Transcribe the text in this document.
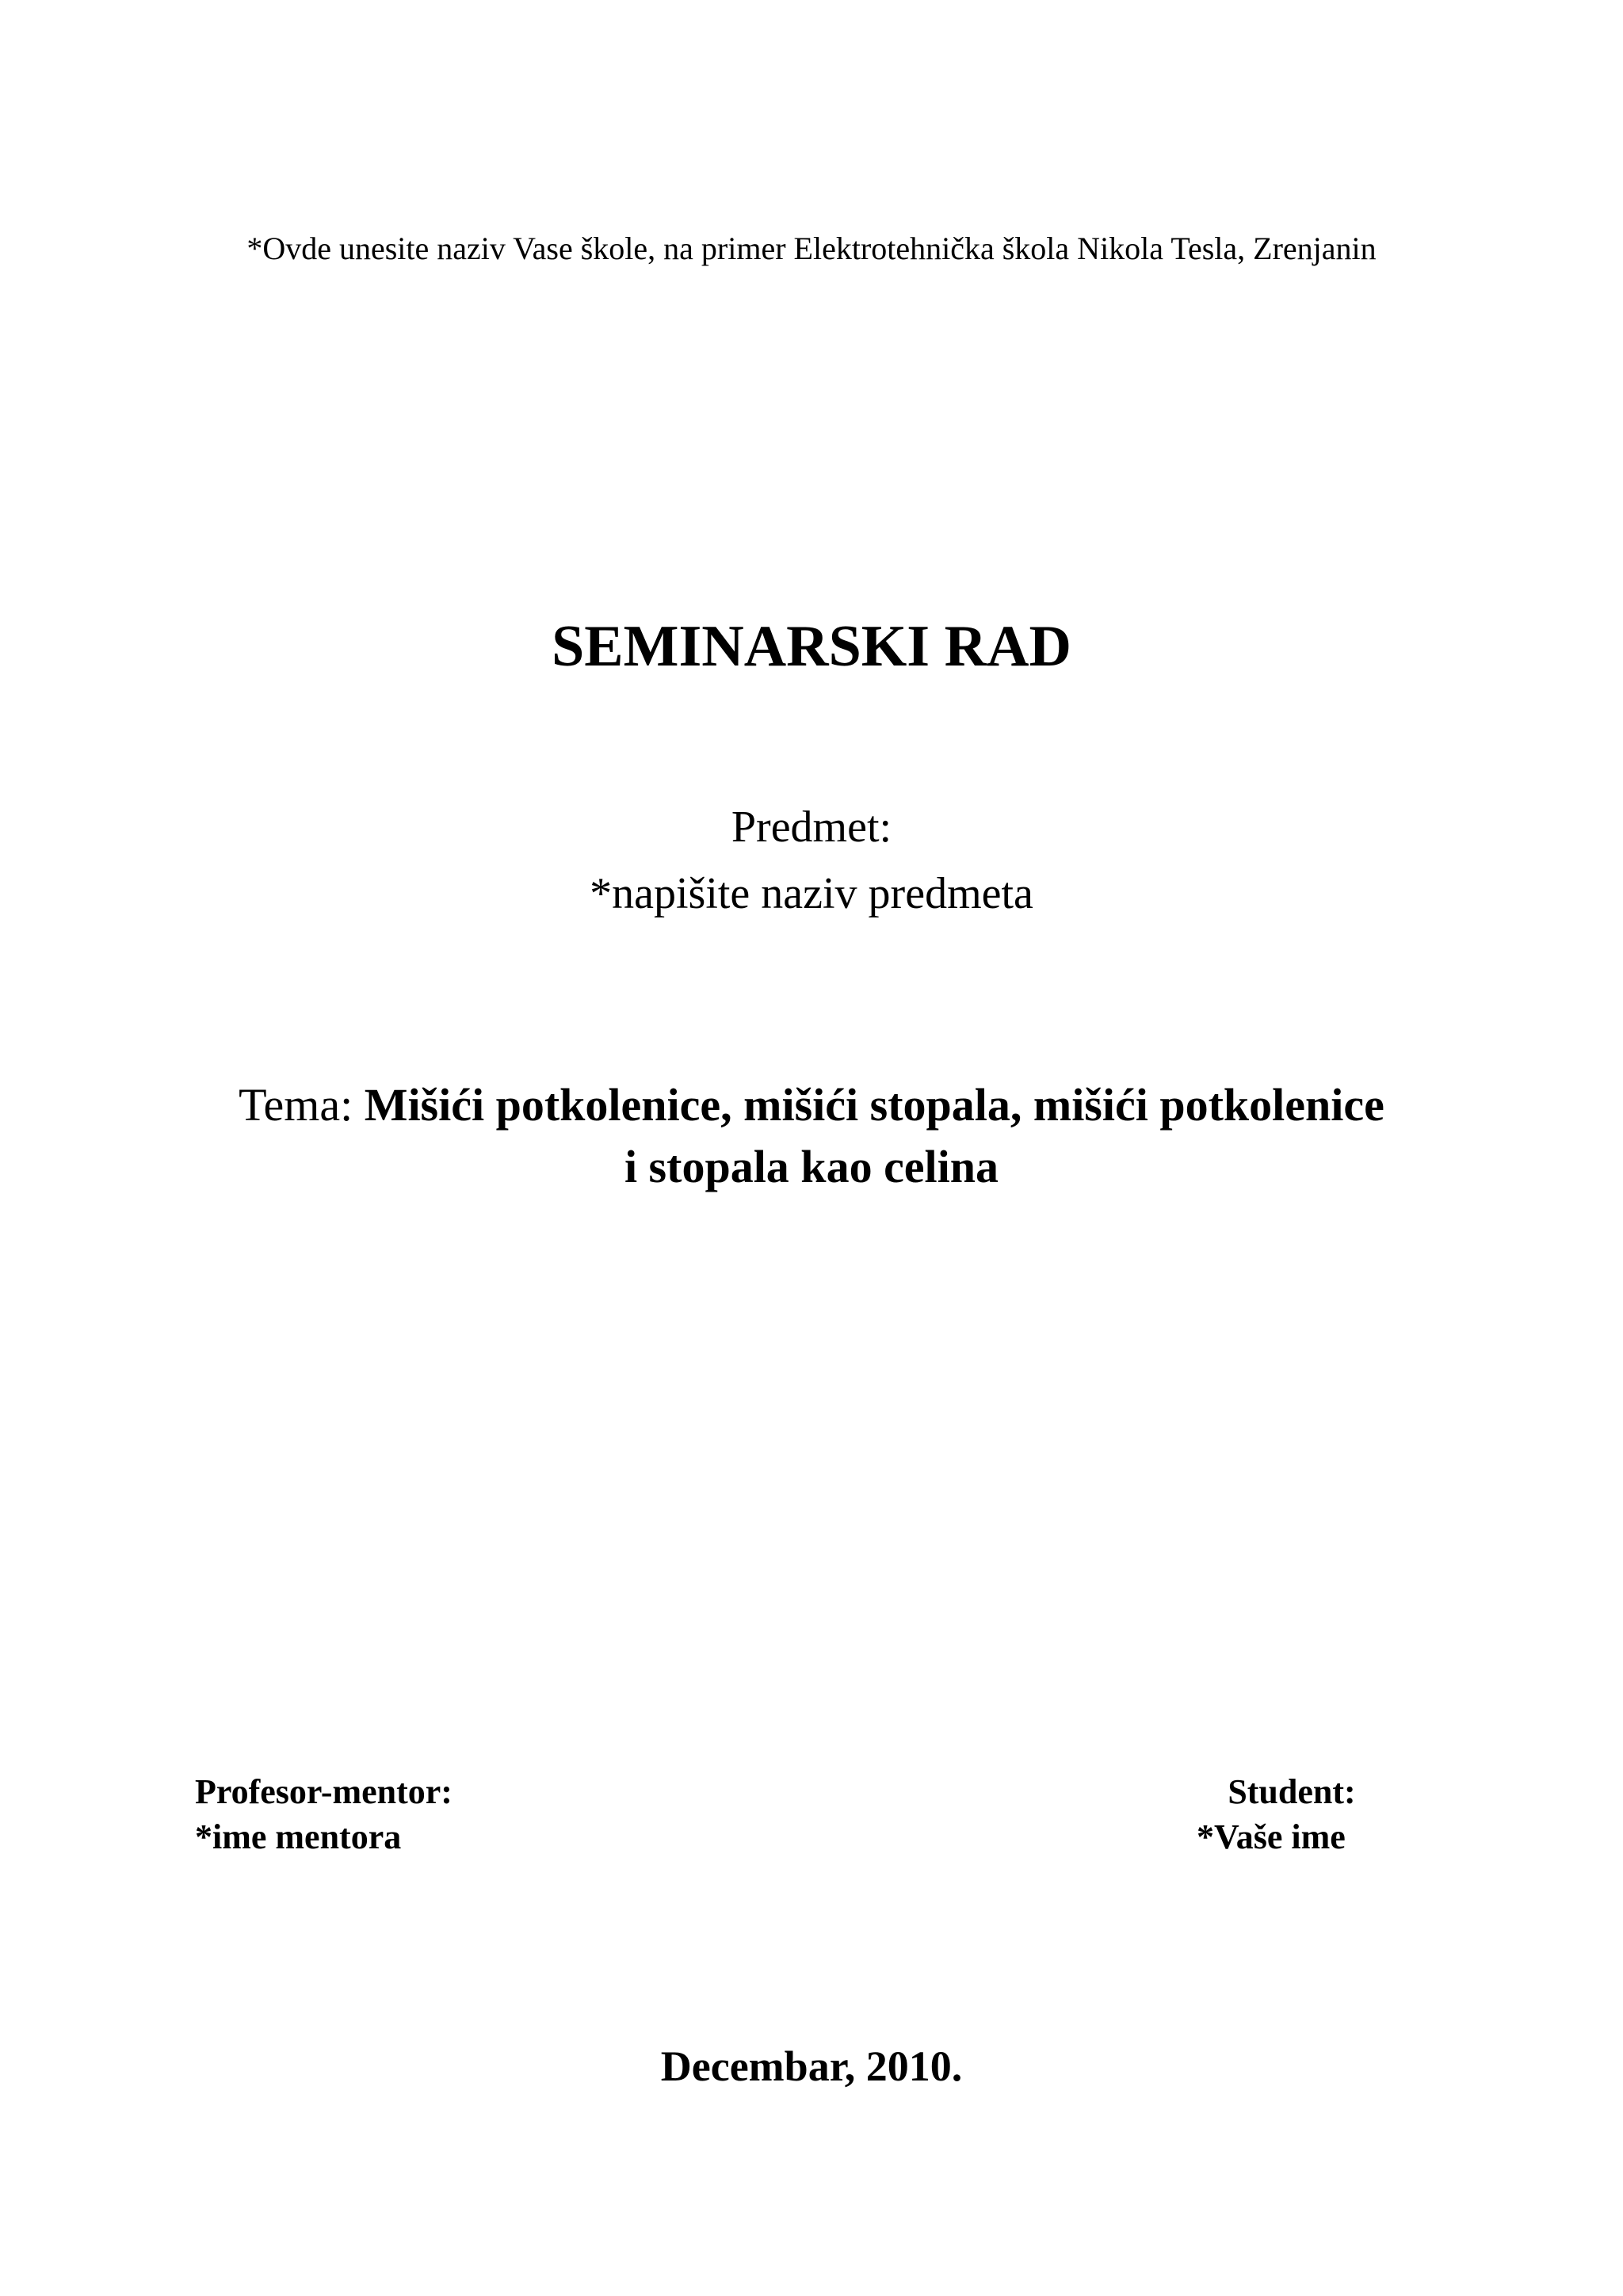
*Ovde unesite naziv Vase škole, na primer Elektrotehnička škola Nikola Tesla, Zrenjanin
SEMINARSKI RAD
Predmet:
*napišite naziv predmeta
Tema: Mišići potkolenice, mišići stopala, mišići potkolenice
i stopala kao celina
Profesor-mentor:
*ime mentora
Student:
*Vaše ime
Decembar, 2010.
